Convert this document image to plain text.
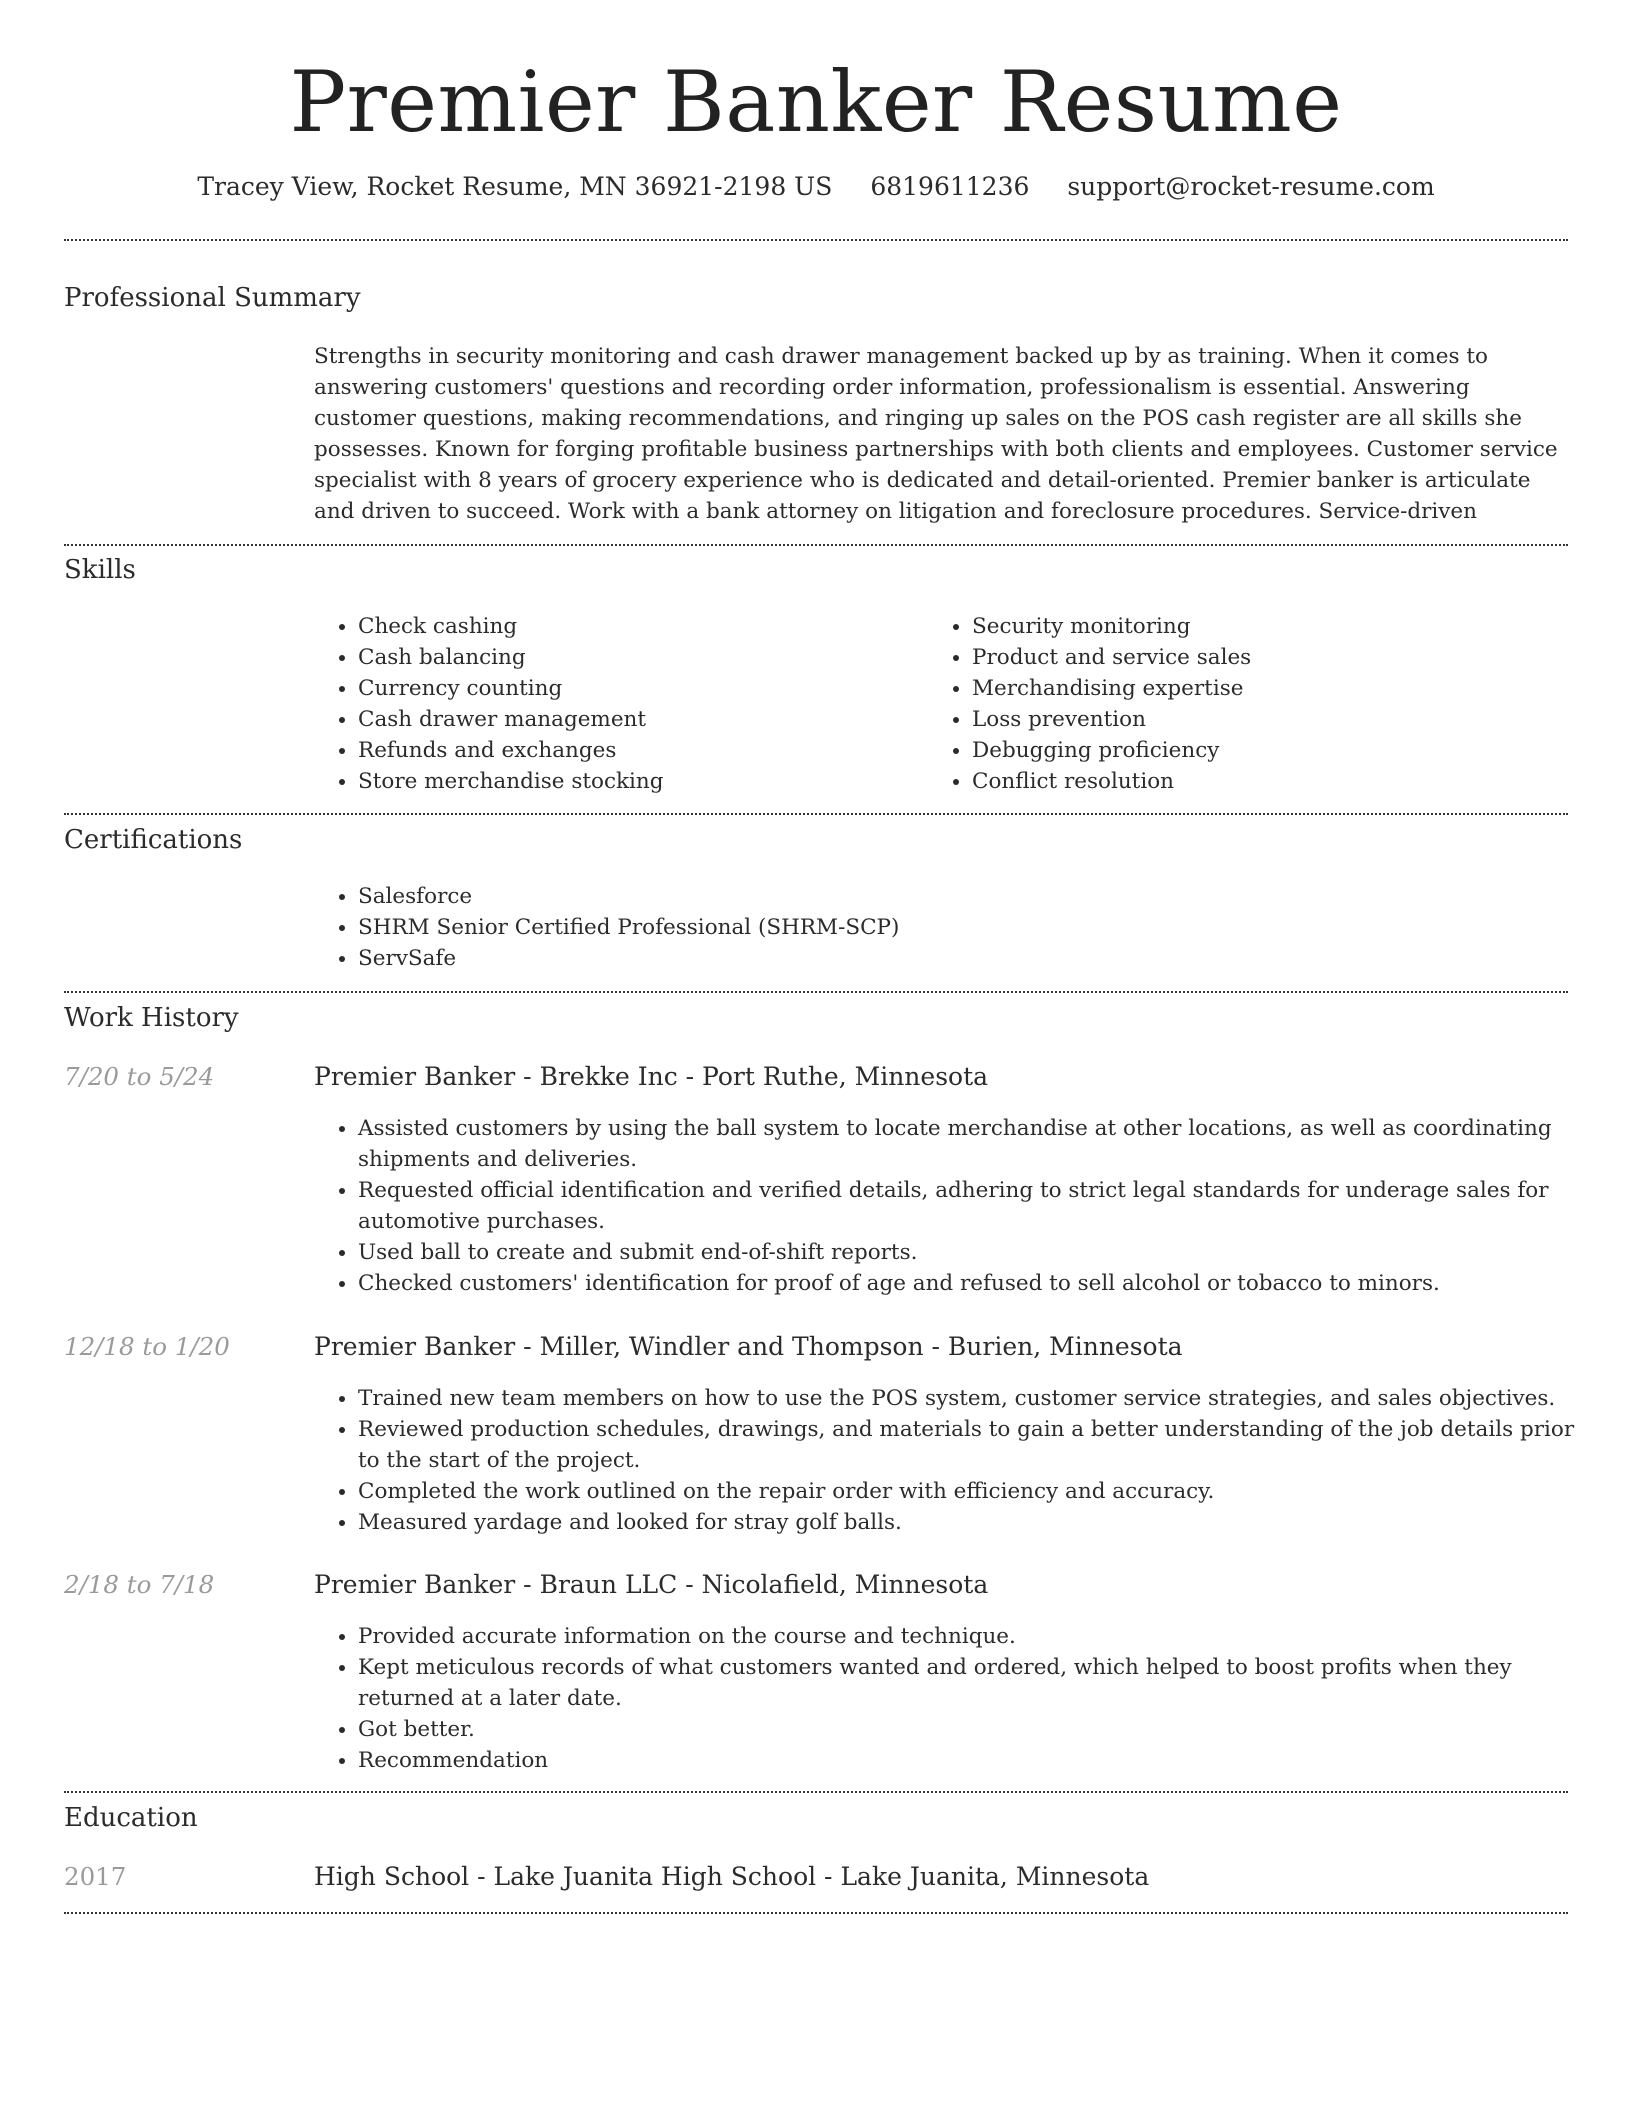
Premier Banker Resume
Tracey View, Rocket Resume, MN 36921-2198 US 6819611236 support@rocket-resume.com
Professional Summary

Strengths in security monitoring and cash drawer management backed up by as training. When it comes to answering customers' questions and recording order information, professionalism is essential. Answering customer questions, making recommendations, and ringing up sales on the POS cash register are all skills she possesses. Known for forging profitable business partnerships with both clients and employees. Customer service specialist with 8 years of grocery experience who is dedicated and detail-oriented. Premier banker is articulate and driven to succeed. Work with a bank attorney on litigation and foreclosure procedures. Service-driven

Skills
• Check cashing
• Cash balancing
• Currency counting
• Cash drawer management
• Refunds and exchanges
• Store merchandise stocking
• Security monitoring
• Product and service sales
• Merchandising expertise
• Loss prevention
• Debugging proficiency
• Conflict resolution
Certifications
• Salesforce
• SHRM Senior Certified Professional (SHRM-SCP)
• ServSafe
Work History
7/20 to 5/24	Premier Banker - Brekke Inc - Port Ruthe, Minnesota
• Assisted customers by using the ball system to locate merchandise at other locations, as well as coordinating shipments and deliveries.
• Requested official identification and verified details, adhering to strict legal standards for underage sales for automotive purchases.
• Used ball to create and submit end-of-shift reports.
• Checked customers' identification for proof of age and refused to sell alcohol or tobacco to minors.
12/18 to 1/20	Premier Banker - Miller, Windler and Thompson - Burien, Minnesota
• Trained new team members on how to use the POS system, customer service strategies, and sales objectives.
• Reviewed production schedules, drawings, and materials to gain a better understanding of the job details prior to the start of the project.
• Completed the work outlined on the repair order with efficiency and accuracy.
• Measured yardage and looked for stray golf balls.
2/18 to 7/18	Premier Banker - Braun LLC - Nicolafield, Minnesota
• Provided accurate information on the course and technique.
• Kept meticulous records of what customers wanted and ordered, which helped to boost profits when they returned at a later date.
• Got better.
• Recommendation
Education
2017	High School - Lake Juanita High School - Lake Juanita, Minnesota
